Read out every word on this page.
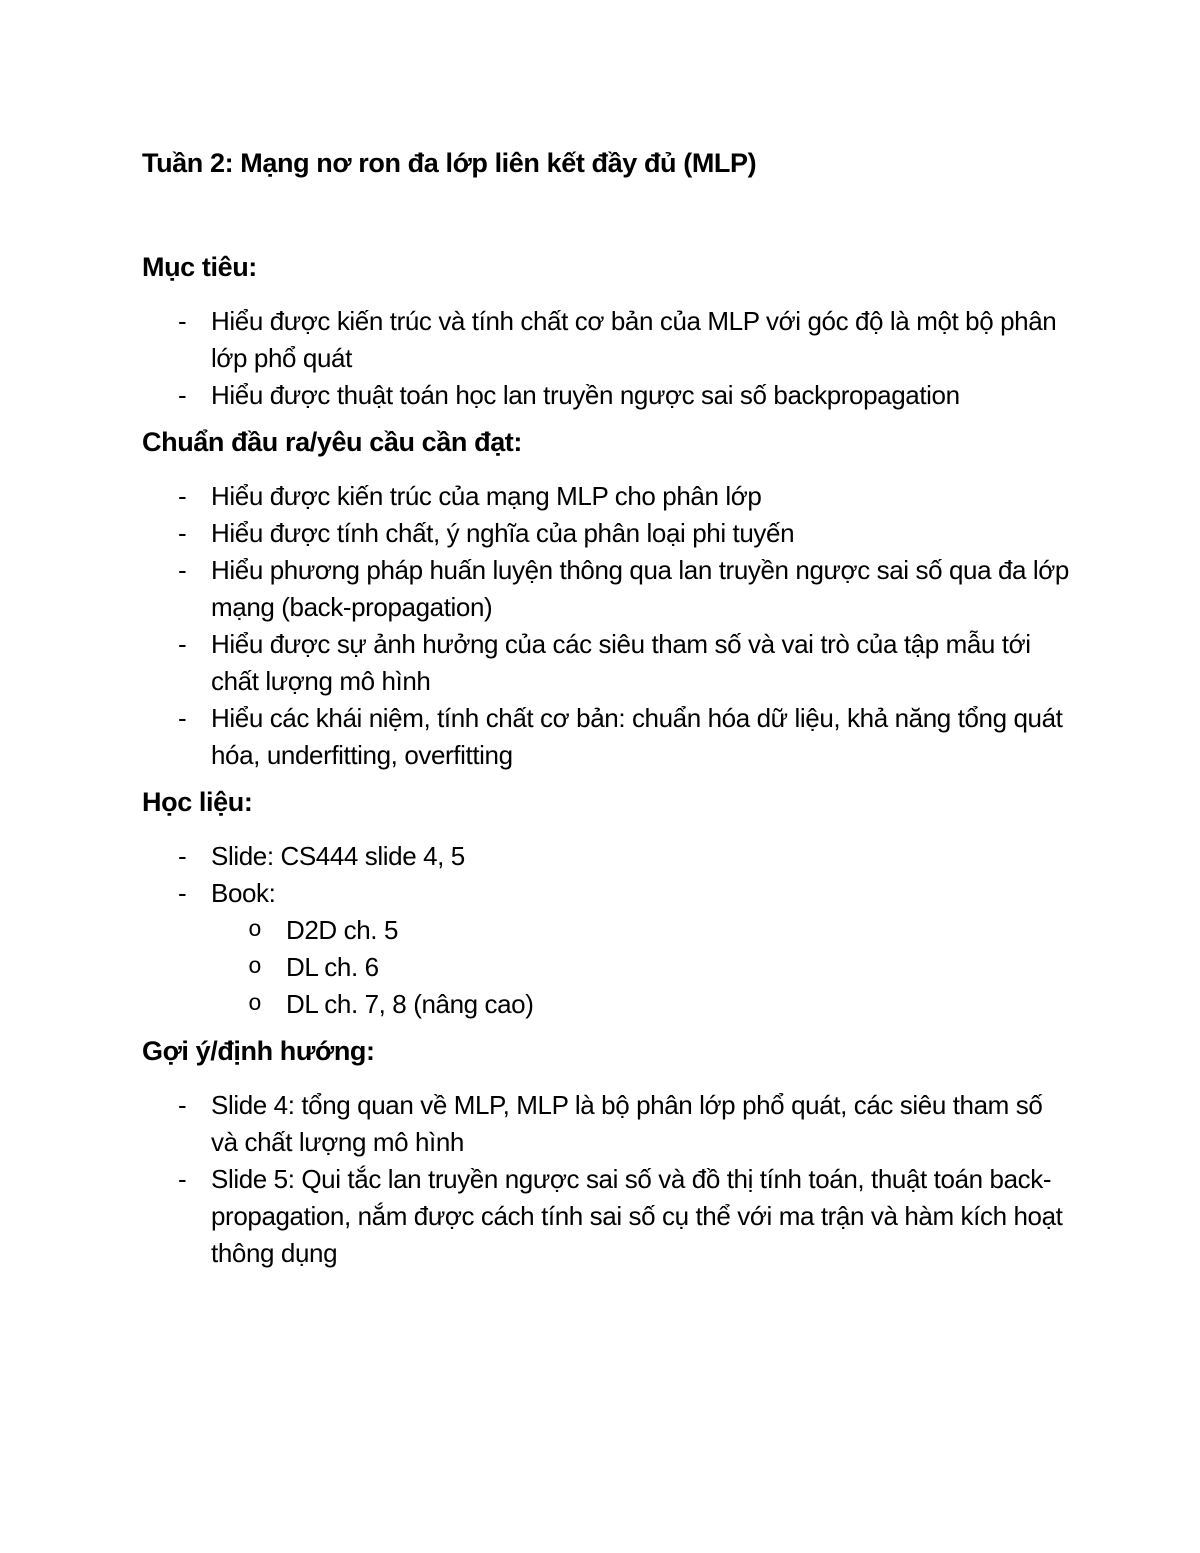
Tuần 2: Mạng nơ ron đa lớp liên kết đầy đủ (MLP)
Mục tiêu:
- Hiểu được kiến trúc và tính chất cơ bản của MLP với góc độ là một bộ phân lớp phổ quát
- Hiểu được thuật toán học lan truyền ngược sai số backpropagation
Chuẩn đầu ra/yêu cầu cần đạt:
- Hiểu được kiến trúc của mạng MLP cho phân lớp
- Hiểu được tính chất, ý nghĩa của phân loại phi tuyến
- Hiểu phương pháp huấn luyện thông qua lan truyền ngược sai số qua đa lớp mạng (back-propagation)
- Hiểu được sự ảnh hưởng của các siêu tham số và vai trò của tập mẫu tới chất lượng mô hình
- Hiểu các khái niệm, tính chất cơ bản: chuẩn hóa dữ liệu, khả năng tổng quát hóa, underfitting, overfitting
Học liệu:
- Slide: CS444 slide 4, 5
- Book:
o D2D ch. 5
o DL ch. 6
o DL ch. 7, 8 (nâng cao)
Gợi ý/định hướng:
- Slide 4: tổng quan về MLP, MLP là bộ phân lớp phổ quát, các siêu tham số và chất lượng mô hình
- Slide 5: Qui tắc lan truyền ngược sai số và đồ thị tính toán, thuật toán back-propagation, nắm được cách tính sai số cụ thể với ma trận và hàm kích hoạt thông dụng
